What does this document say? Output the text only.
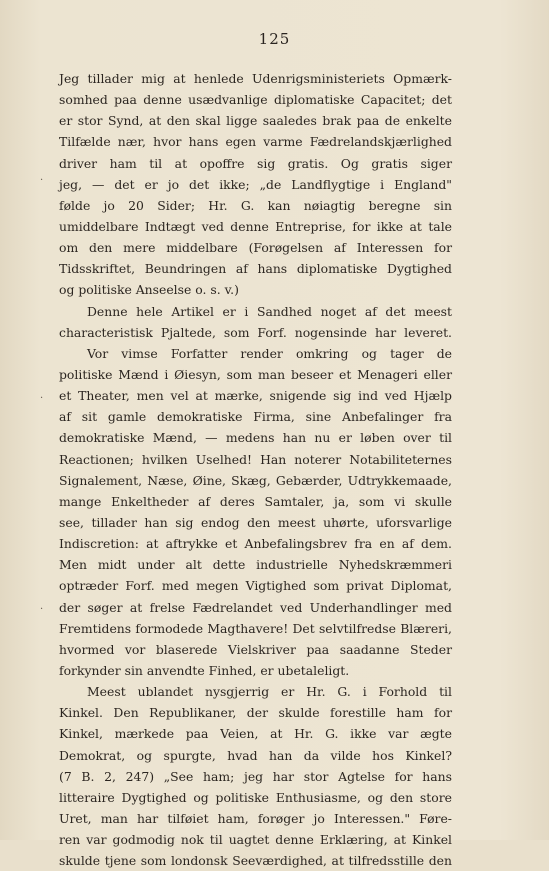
125
Jeg tillader mig at henlede Udenrigsministeriets Opmærk-
somhed paa denne usædvanlige diplomatiske Capacitet; det
er stor Synd, at den skal ligge saaledes brak paa de enkelte
Tilfælde nær, hvor hans egen varme Fædrelandskjærlighed
driver ham til at opoffre sig gratis. Og gratis siger
jeg, — det er jo det ikke; „de Landflygtige i England"
følde jo 20 Sider; Hr. G. kan nøiagtig beregne sin
umiddelbare Indtægt ved denne Entreprise, for ikke at tale
om den mere middelbare (Forøgelsen af Interessen for
Tidsskriftet, Beundringen af hans diplomatiske Dygtighed
og politiske Anseelse o. s. v.)
Denne hele Artikel er i Sandhed noget af det meest
characteristisk Pjaltede, som Forf. nogensinde har leveret.
Vor vimse Forfatter render omkring og tager de
politiske Mænd i Øiesyn, som man beseer et Menageri eller
et Theater, men vel at mærke, snigende sig ind ved Hjælp
af sit gamle demokratiske Firma, sine Anbefalinger fra
demokratiske Mænd, — medens han nu er løben over til
Reactionen; hvilken Uselhed! Han noterer Notabiliteternes
Signalement, Næse, Øine, Skæg, Gebærder, Udtrykkemaade,
mange Enkeltheder af deres Samtaler, ja, som vi skulle
see, tillader han sig endog den meest uhørte, uforsvarlige
Indiscretion: at aftrykke et Anbefalingsbrev fra en af dem.
Men midt under alt dette industrielle Nyhedskræmmeri
optræder Forf. med megen Vigtighed som privat Diplomat,
der søger at frelse Fædrelandet ved Underhandlinger med
Fremtidens formodede Magthavere! Det selvtilfredse Blæreri,
hvormed vor blaserede Vielskriver paa saadanne Steder
forkynder sin anvendte Finhed, er ubetaleligt.
Meest ublandet nysgjerrig er Hr. G. i Forhold til
Kinkel. Den Republikaner, der skulde forestille ham for
Kinkel, mærkede paa Veien, at Hr. G. ikke var ægte
Demokrat, og spurgte, hvad han da vilde hos Kinkel?
(7 B. 2, 247) „See ham; jeg har stor Agtelse for hans
litteraire Dygtighed og politiske Enthusiasme, og den store
Uret, man har tilføiet ham, forøger jo Interessen." Føre-
ren var godmodig nok til uagtet denne Erklæring, at Kinkel
skulde tjene som londonsk Seeværdighed, at tilfredsstille den
·
·
·
